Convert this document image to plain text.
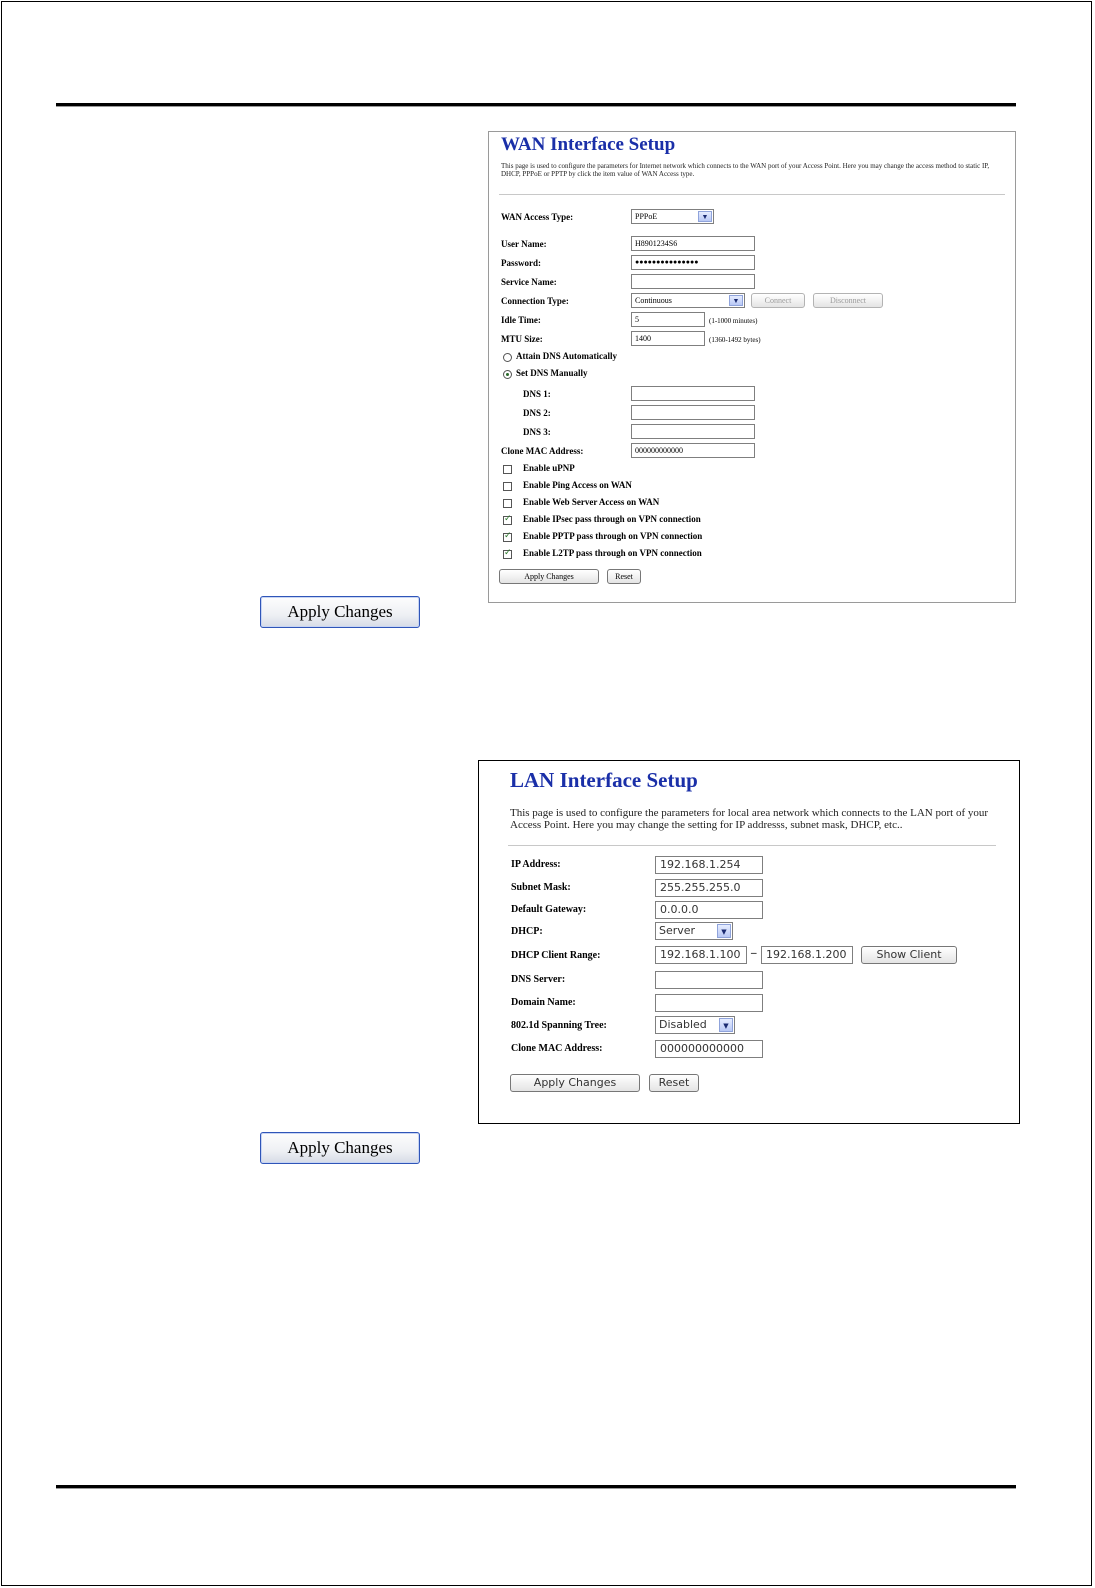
WAN Interface Setup

This page is used to configure the parameters for Internet network which connects to the WAN port of your Access Point. Here you may change the access method to static IP, DHCP, PPPoE or PPTP by click the item value of WAN Access type.

WAN Access Type:	PPPoE	▼
User Name:	H8901234S6
Password:	●●●●●●●●●●●●●●●
Service Name:
Connection Type:	Continuous	▼	Connect	Disconnect
Idle Time:	5	(1-1000 minutes)
MTU Size:	1400	(1360-1492 bytes)
Attain DNS Automatically
Set DNS Manually
DNS 1:
DNS 2:
DNS 3:
Clone MAC Address:	000000000000
Enable uPNP
Enable Ping Access on WAN
Enable Web Server Access on WAN
✓
Enable IPsec pass through on VPN connection
✓
Enable PPTP pass through on VPN connection
✓
Enable L2TP pass through on VPN connection
Apply Changes	Reset
Apply Changes
LAN Interface Setup

This page is used to configure the parameters for local area network which connects to the LAN port of your Access Point. Here you may change the setting for IP addresss, subnet mask, DHCP, etc..

IP Address:	192.168.1.254
Subnet Mask:	255.255.255.0
Default Gateway:	0.0.0.0
DHCP:	Server	▼
DHCP Client Range:	192.168.1.100 – 192.168.1.200	Show Client
DNS Server:
Domain Name:
802.1d Spanning Tree:	Disabled	▼
Clone MAC Address:	000000000000
Apply Changes	Reset
Apply Changes
